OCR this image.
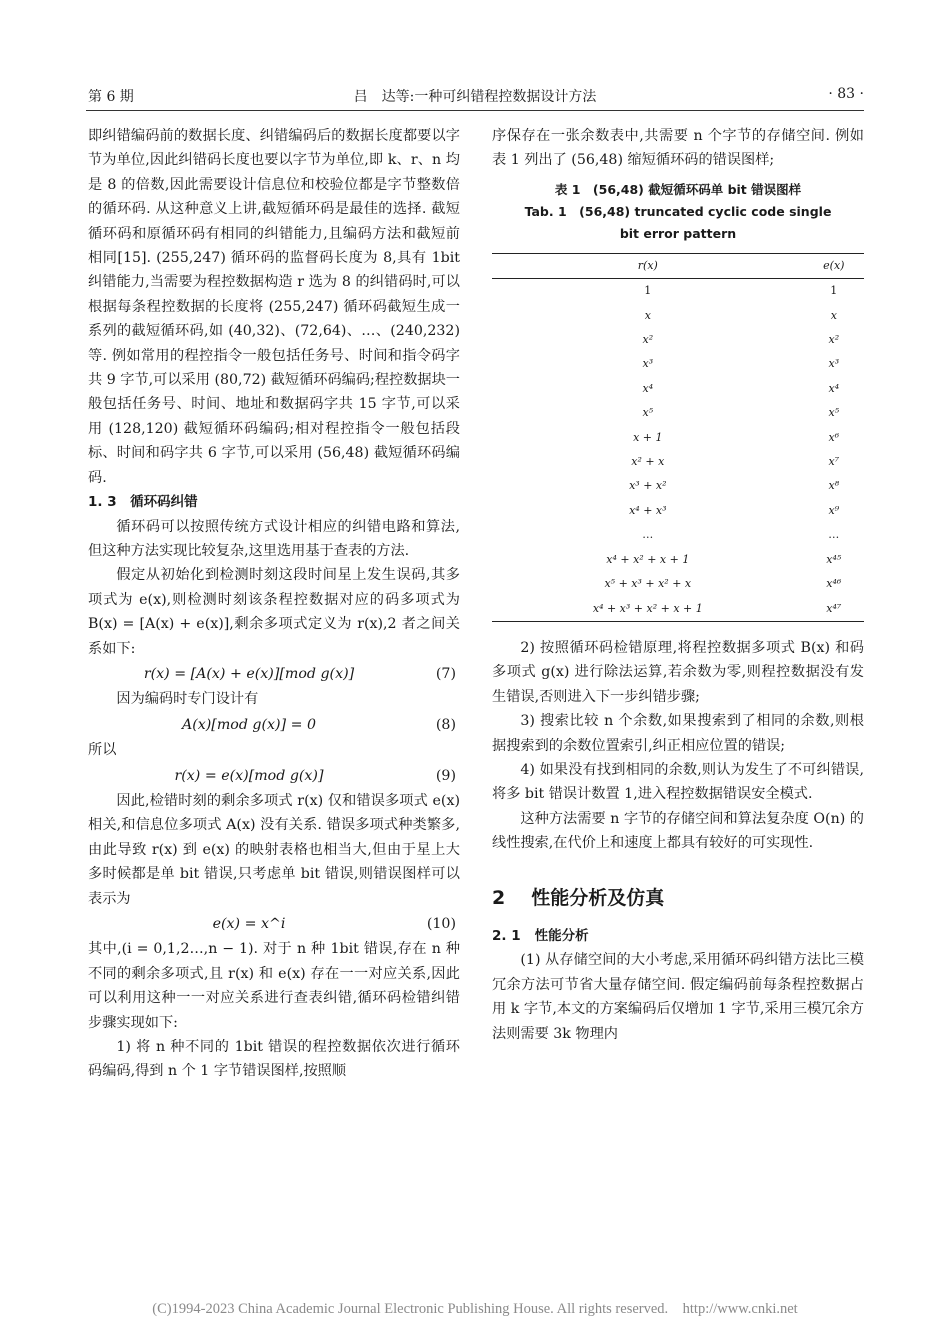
第 6 期	吕　达等:一种可纠错程控数据设计方法	· 83 ·

即纠错编码前的数据长度、纠错编码后的数据长度都要以字节为单位,因此纠错码长度也要以字节为单位,即 k、r、n 均是 8 的倍数,因此需要设计信息位和校验位都是字节整数倍的循环码. 从这种意义上讲,截短循环码是最佳的选择. 截短循环码和原循环码有相同的纠错能力,且编码方法和截短前相同[15]. (255,247) 循环码的监督码长度为 8,具有 1bit 纠错能力,当需要为程控数据构造 r 选为 8 的纠错码时,可以根据每条程控数据的长度将 (255,247) 循环码截短生成一系列的截短循环码,如 (40,32)、(72,64)、…、(240,232) 等. 例如常用的程控指令一般包括任务号、时间和指令码字共 9 字节,可以采用 (80,72) 截短循环码编码;程控数据块一般包括任务号、时间、地址和数据码字共 15 字节,可以采用 (128,120) 截短循环码编码;相对程控指令一般包括段标、时间和码字共 6 字节,可以采用 (56,48) 截短循环码编码.

1. 3　 循环码纠错

循环码可以按照传统方式设计相应的纠错电路和算法,但这种方法实现比较复杂,这里选用基于查表的方法.

假定从初始化到检测时刻这段时间星上发生误码,其多项式为 e(x),则检测时刻该条程控数据对应的码多项式为 B(x) = [A(x) + e(x)],剩余多项式定义为 r(x),2 者之间关系如下:

r(x) = [A(x) + e(x)][mod g(x)]	(7)

因为编码时专门设计有

A(x)[mod g(x)] = 0	(8)

所以

r(x) = e(x)[mod g(x)]	(9)

因此,检错时刻的剩余多项式 r(x) 仅和错误多项式 e(x) 相关,和信息位多项式 A(x) 没有关系. 错误多项式种类繁多,由此导致 r(x) 到 e(x) 的映射表格也相当大,但由于星上大多时候都是单 bit 错误,只考虑单 bit 错误,则错误图样可以表示为

e(x) = x^i	(10)

其中,(i = 0,1,2…,n − 1). 对于 n 种 1bit 错误,存在 n 种不同的剩余多项式,且 r(x) 和 e(x) 存在一一对应关系,因此可以利用这种一一对应关系进行查表纠错,循环码检错纠错步骤实现如下:

1) 将 n 种不同的 1bit 错误的程控数据依次进行循环码编码,得到 n 个 1 字节错误图样,按照顺

序保存在一张余数表中,共需要 n 个字节的存储空间. 例如表 1 列出了 (56,48) 缩短循环码的错误图样;

表 1　(56,48) 截短循环码单 bit 错误图样
Tab. 1　(56,48) truncated cyclic code single
bit error pattern
r(x)	e(x)
1	1
x	x
x²	x²
x³	x³
x⁴	x⁴
x⁵	x⁵
x + 1	x⁶
x² + x	x⁷
x³ + x²	x⁸
x⁴ + x³	x⁹
…	…
x⁴ + x² + x + 1	x⁴⁵
x⁵ + x³ + x² + x	x⁴⁶
x⁴ + x³ + x² + x + 1	x⁴⁷

2) 按照循环码检错原理,将程控数据多项式 B(x) 和码多项式 g(x) 进行除法运算,若余数为零,则程控数据没有发生错误,否则进入下一步纠错步骤;

3) 搜索比较 n 个余数,如果搜索到了相同的余数,则根据搜索到的余数位置索引,纠正相应位置的错误;

4) 如果没有找到相同的余数,则认为发生了不可纠错误,将多 bit 错误计数置 1,进入程控数据错误安全模式.

这种方法需要 n 字节的存储空间和算法复杂度 O(n) 的线性搜索,在代价上和速度上都具有较好的可实现性.

2 性能分析及仿真
2. 1 性能分析

(1) 从存储空间的大小考虑,采用循环码纠错方法比三模冗余方法可节省大量存储空间. 假定编码前每条程控数据占用 k 字节,本文的方案编码后仅增加 1 字节,采用三模冗余方法则需要 3k 物理内

(C)1994-2023 China Academic Journal Electronic Publishing House. All rights reserved.　http://www.cnki.net
